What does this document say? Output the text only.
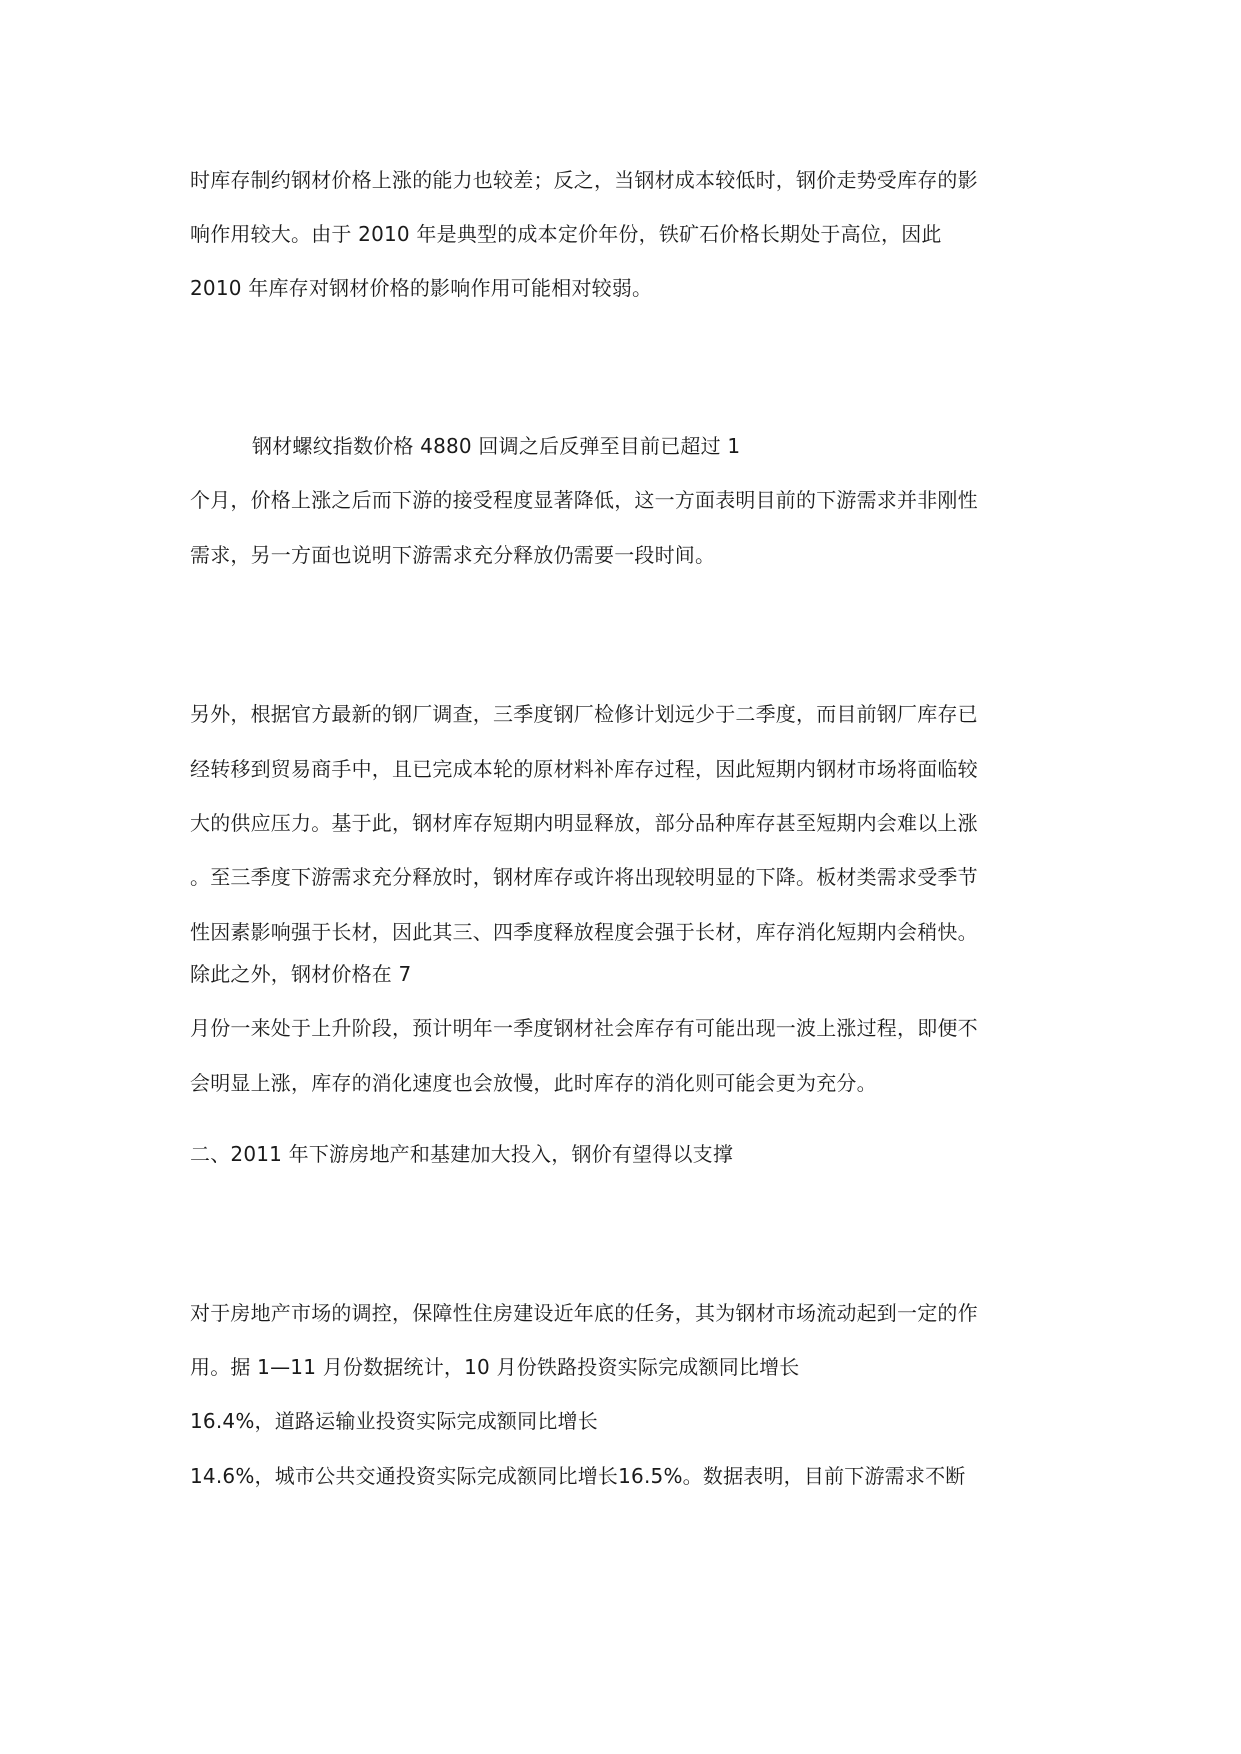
时库存制约钢材价格上涨的能力也较差；反之，当钢材成本较低时，钢价走势受库存的影
响作用较大。由于 2010 年是典型的成本定价年份，铁矿石价格长期处于高位，因此
2010 年库存对钢材价格的影响作用可能相对较弱。
钢材螺纹指数价格 4880 回调之后反弹至目前已超过 1
个月，价格上涨之后而下游的接受程度显著降低，这一方面表明目前的下游需求并非刚性
需求，另一方面也说明下游需求充分释放仍需要一段时间。
另外，根据官方最新的钢厂调查，三季度钢厂检修计划远少于二季度，而目前钢厂库存已
经转移到贸易商手中，且已完成本轮的原材料补库存过程，因此短期内钢材市场将面临较
大的供应压力。基于此，钢材库存短期内明显释放，部分品种库存甚至短期内会难以上涨
。至三季度下游需求充分释放时，钢材库存或许将出现较明显的下降。板材类需求受季节
性因素影响强于长材，因此其三、四季度释放程度会强于长材，库存消化短期内会稍快。
除此之外，钢材价格在 7
月份一来处于上升阶段，预计明年一季度钢材社会库存有可能出现一波上涨过程，即便不
会明显上涨，库存的消化速度也会放慢，此时库存的消化则可能会更为充分。
二、2011 年下游房地产和基建加大投入，钢价有望得以支撑
对于房地产市场的调控，保障性住房建设近年底的任务，其为钢材市场流动起到一定的作
用。据 1—11 月份数据统计，10 月份铁路投资实际完成额同比增长
16.4%，道路运输业投资实际完成额同比增长
14.6%，城市公共交通投资实际完成额同比增长16.5%。数据表明，目前下游需求不断
